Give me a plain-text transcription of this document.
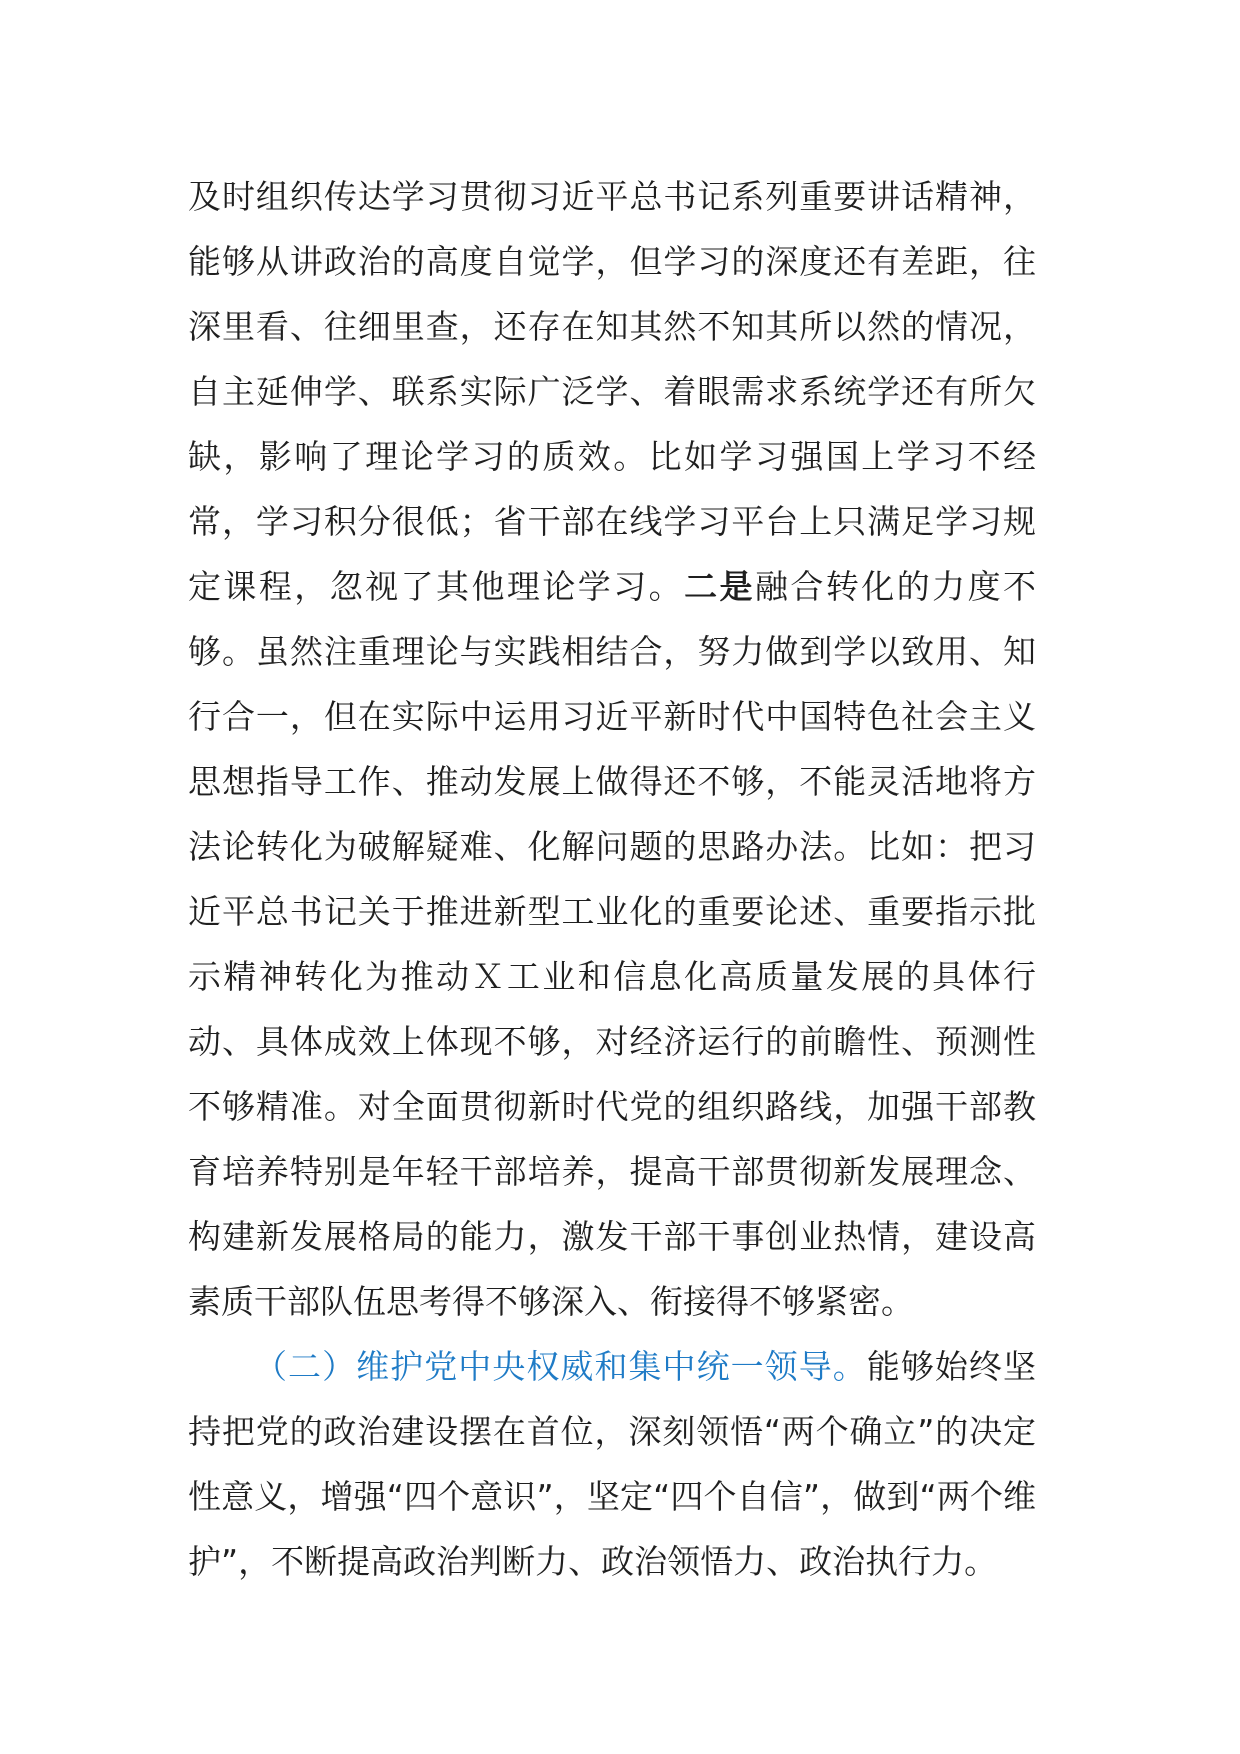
及时组织传达学习贯彻习近平总书记系列重要讲话精神，能够从讲政治的高度自觉学，但学习的深度还有差距，往深里看、往细里查，还存在知其然不知其所以然的情况，自主延伸学、联系实际广泛学、着眼需求系统学还有所欠缺，影响了理论学习的质效。比如学习强国上学习不经常，学习积分很低；省干部在线学习平台上只满足学习规定课程，忽视了其他理论学习。二是融合转化的力度不够。虽然注重理论与实践相结合，努力做到学以致用、知行合一，但在实际中运用习近平新时代中国特色社会主义思想指导工作、推动发展上做得还不够，不能灵活地将方法论转化为破解疑难、化解问题的思路办法。比如：把习近平总书记关于推进新型工业化的重要论述、重要指示批示精神转化为推动Ｘ工业和信息化高质量发展的具体行动、具体成效上体现不够，对经济运行的前瞻性、预测性不够精准。对全面贯彻新时代党的组织路线，加强干部教育培养特别是年轻干部培养，提高干部贯彻新发展理念、构建新发展格局的能力，激发干部干事创业热情，建设高素质干部队伍思考得不够深入、衔接得不够紧密。

（二）维护党中央权威和集中统一领导。能够始终坚持把党的政治建设摆在首位，深刻领悟“两个确立”的决定性意义，增强“四个意识”，坚定“四个自信”，做到“两个维护”，不断提高政治判断力、政治领悟力、政治执行力。
